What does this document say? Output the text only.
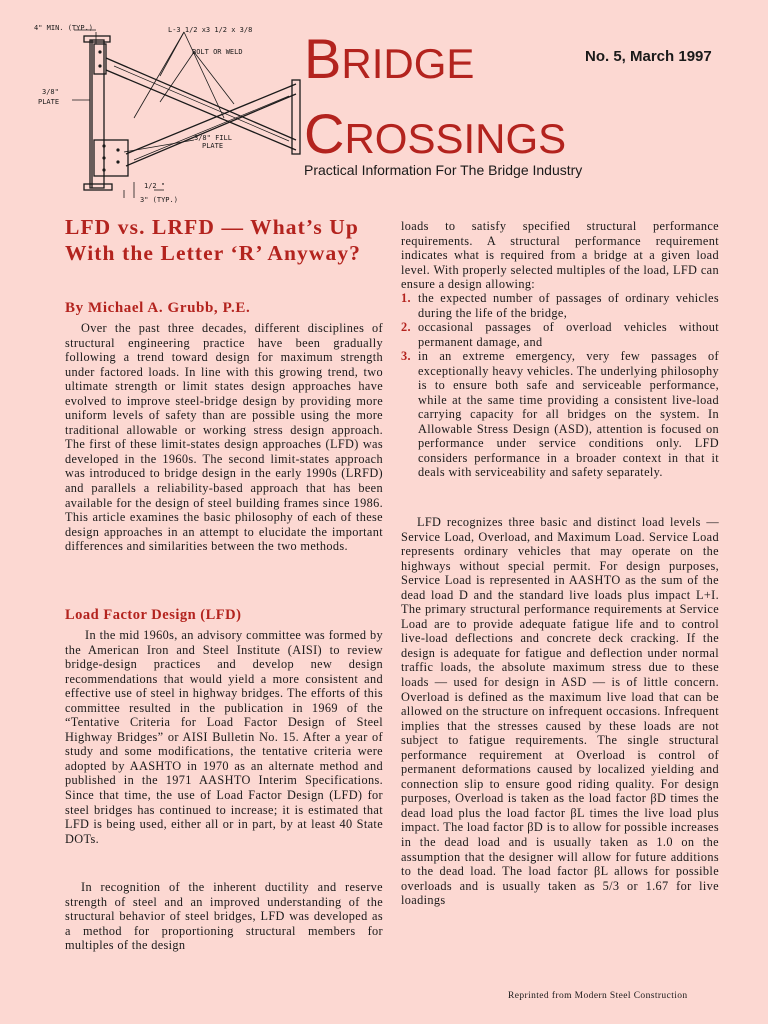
4" MIN. (TYP.)	L-3 1/2 x3 1/2 x 3/8
BOLT OR WELD
3/8"
PLATE
3/8" FILL
PLATE
1/2 "
3" (TYP.)
BRIDGE
CROSSINGS
Practical Information For The Bridge Industry
No. 5, March 1997
LFD vs. LRFD — What’s Up With the Letter ‘R’ Anyway?
By Michael A. Grubb, P.E.

Over the past three decades, different disciplines of structural engineering practice have been gradually following a trend toward design for maximum strength under factored loads. In line with this growing trend, two ultimate strength or limit states design approaches have evolved to improve steel-bridge design by providing more uniform levels of safety than are possible using the more traditional allowable or working stress design approach. The first of these limit-states design approaches (LFD) was developed in the 1960s. The second limit-states approach was introduced to bridge design in the early 1990s (LRFD) and parallels a reliability-based approach that has been available for the design of steel building frames since 1986. This article examines the basic philosophy of each of these design approaches in an attempt to elucidate the important differences and similarities between the two methods.

Load Factor Design (LFD)

In the mid 1960s, an advisory committee was formed by the American Iron and Steel Institute (AISI) to review bridge-design practices and develop new design recommendations that would yield a more consistent and effective use of steel in highway bridges. The efforts of this committee resulted in the publication in 1969 of the “Tentative Criteria for Load Factor Design of Steel Highway Bridges” or AISI Bulletin No. 15. After a year of study and some modifications, the tentative criteria were adopted by AASHTO in 1970 as an alternate method and published in the 1971 AASHTO Interim Specifications. Since that time, the use of Load Factor Design (LFD) for steel bridges has continued to increase; it is estimated that LFD is being used, either all or in part, by at least 40 State DOTs.

In recognition of the inherent ductility and reserve strength of steel and an improved understanding of the structural behavior of steel bridges, LFD was developed as a method for proportioning structural members for multiples of the design

loads to satisfy specified structural performance requirements. A structural performance requirement indicates what is required from a bridge at a given load level. With properly selected multiples of the load, LFD can ensure a design allowing:

1. the expected number of passages of ordinary vehicles during the life of the bridge,
2. occasional passages of overload vehicles without permanent damage, and
3. in an extreme emergency, very few passages of exceptionally heavy vehicles. The underlying philosophy is to ensure both safe and serviceable performance, while at the same time providing a consistent live-load carrying capacity for all bridges on the system. In Allowable Stress Design (ASD), attention is focused on performance under service conditions only. LFD considers performance in a broader context in that it deals with serviceability and safety separately.

LFD recognizes three basic and distinct load levels — Service Load, Overload, and Maximum Load. Service Load represents ordinary vehicles that may operate on the highways without special permit. For design purposes, Service Load is represented in AASHTO as the sum of the dead load D and the standard live loads plus impact L+I. The primary structural performance requirements at Service Load are to provide adequate fatigue life and to control live-load deflections and concrete deck cracking. If the design is adequate for fatigue and deflection under normal traffic loads, the absolute maximum stress due to these loads — used for design in ASD — is of little concern. Overload is defined as the maximum live load that can be allowed on the structure on infrequent occasions. Infrequent implies that the stresses caused by these loads are not subject to fatigue requirements. The single structural performance requirement at Overload is control of permanent deformations caused by localized yielding and connection slip to ensure good riding quality. For design purposes, Overload is taken as the load factor βD times the dead load plus the load factor βL times the live load plus impact. The load factor βD is to allow for possible increases in the dead load and is usually taken as 1.0 on the assumption that the designer will allow for future additions to the dead load. The load factor βL allows for possible overloads and is usually taken as 5/3 or 1.67 for live loadings

Reprinted from Modern Steel Construction
